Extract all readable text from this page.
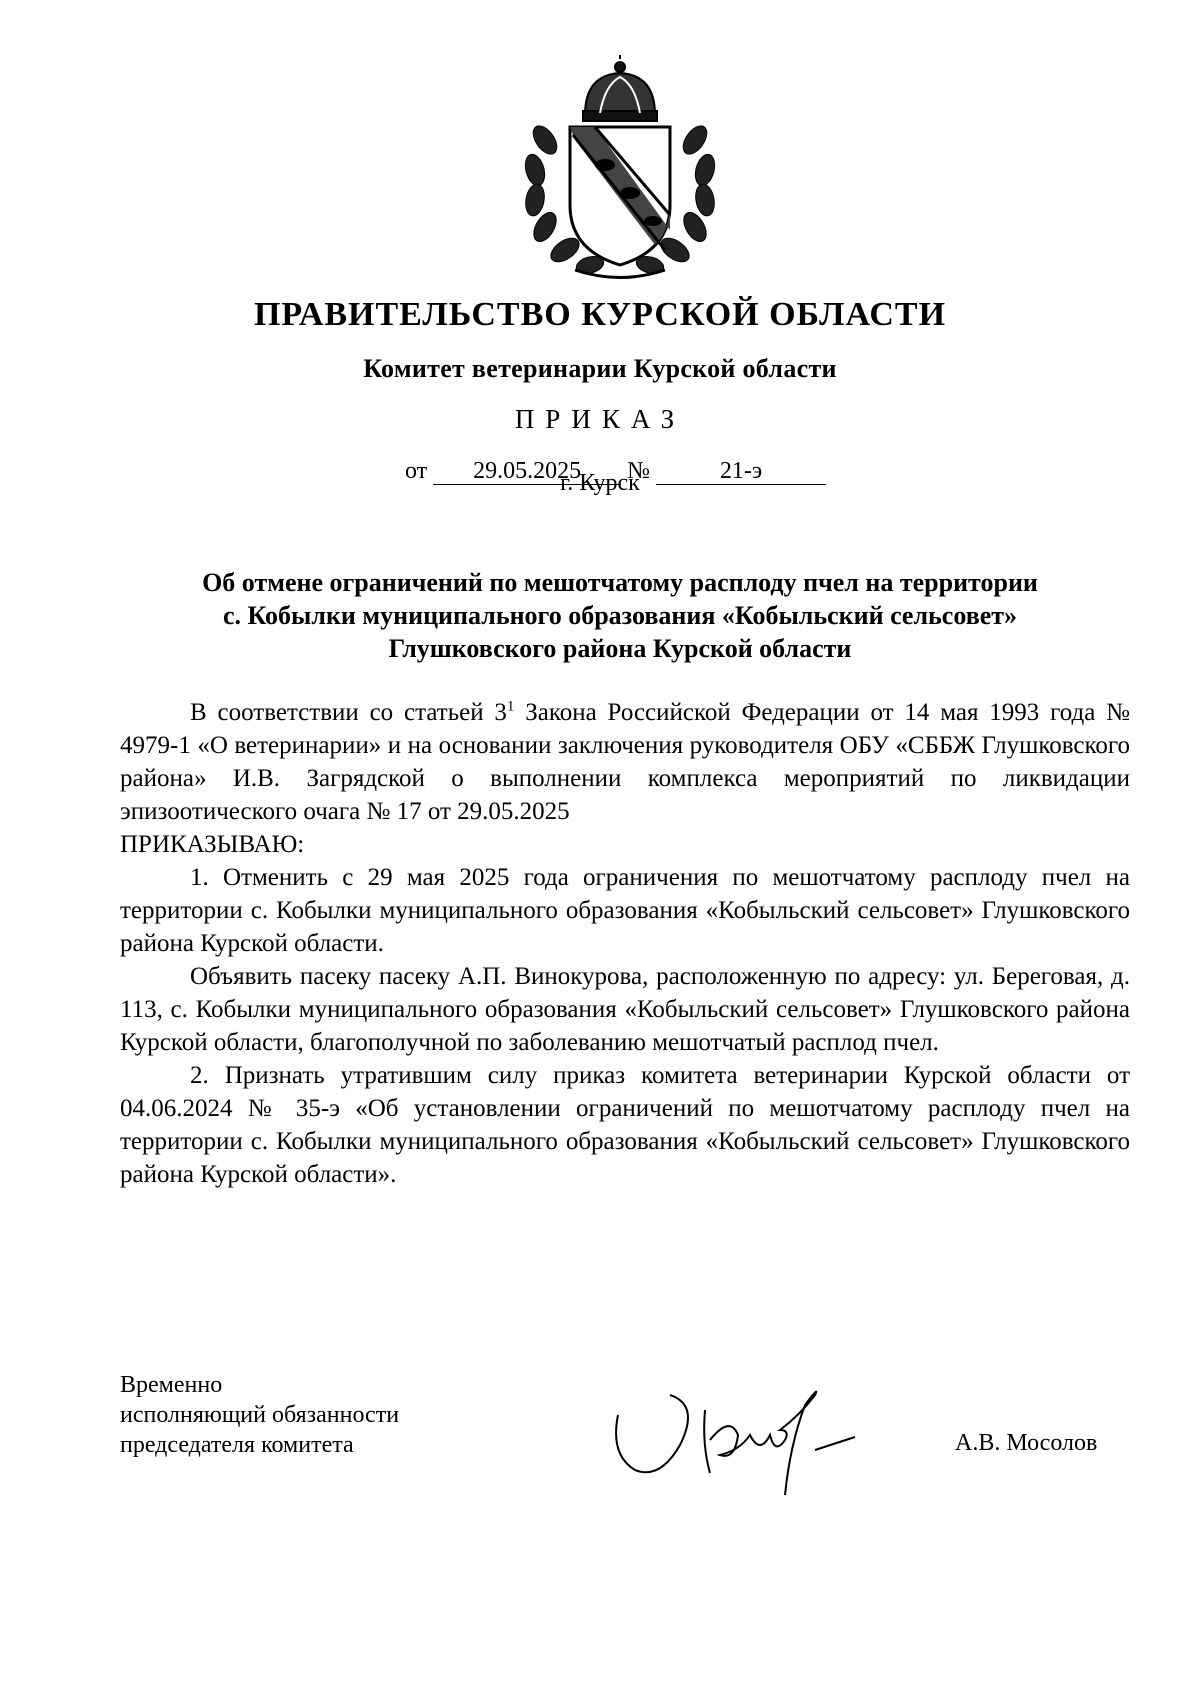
ПРАВИТЕЛЬСТВО КУРСКОЙ ОБЛАСТИ
Комитет ветеринарии Курской области
ПРИКАЗ
от 29.05.2025 №	21-э
г. Курск
Об отмене ограничений по мешотчатому расплоду пчел на территории
с. Кобылки муниципального образования «Кобыльский сельсовет»
Глушковского района Курской области

В соответствии со статьей $3^1$ Закона Российской Федерации от 14 мая 1993 года № 4979-1 «О ветеринарии» и на основании заключения руководителя ОБУ «СББЖ Глушковского района» И.В. Загрядской о выполнении комплекса мероприятий по ликвидации эпизоотического очага № 17 от 29.05.2025

ПРИКАЗЫВАЮ:

1. Отменить с 29 мая 2025 года ограничения по мешотчатому расплоду пчел на территории с. Кобылки муниципального образования «Кобыльский сельсовет» Глушковского района Курской области.

Объявить пасеку пасеку А.П. Винокурова, расположенную по адресу: ул. Береговая, д. 113, с. Кобылки муниципального образования «Кобыльский сельсовет» Глушковского района Курской области, благополучной по заболеванию мешотчатый расплод пчел.

2. Признать утратившим силу приказ комитета ветеринарии Курской области от 04.06.2024 № 35-э «Об установлении ограничений по мешотчатому расплоду пчел на территории с. Кобылки муниципального образования «Кобыльский сельсовет» Глушковского района Курской области».

Временно
исполняющий обязанности
председателя комитета	А.В. Мосолов
